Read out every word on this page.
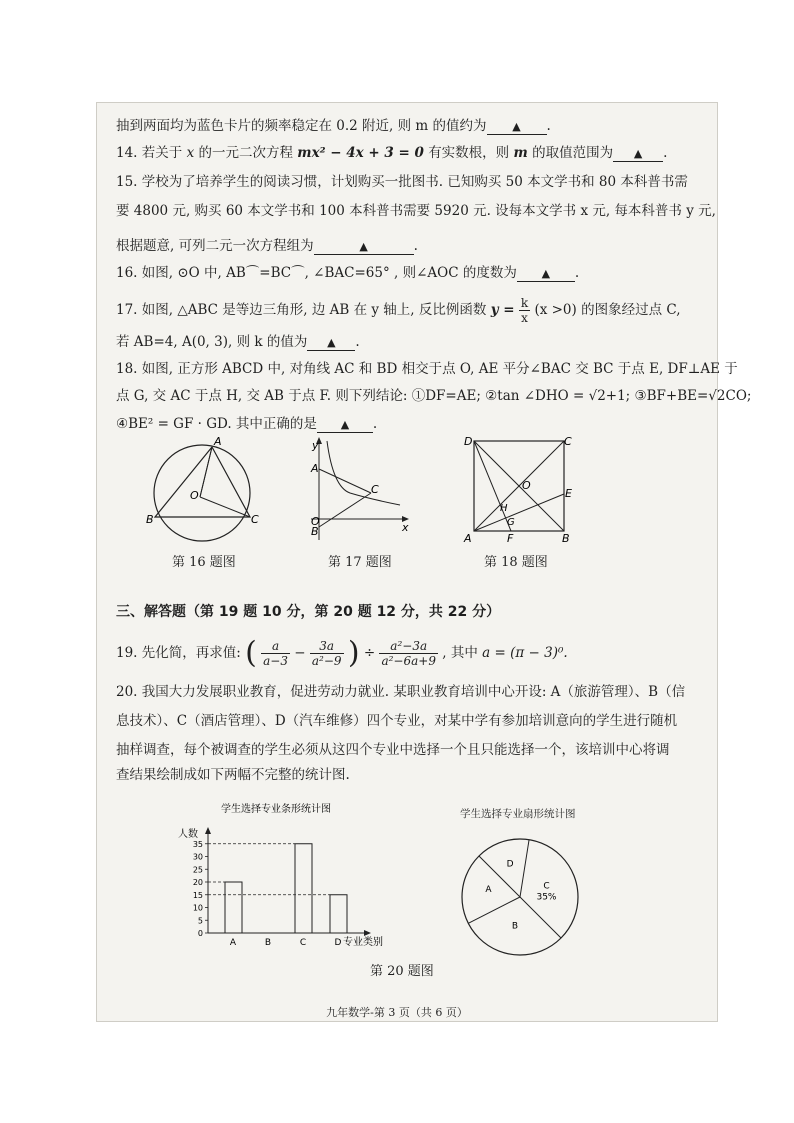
抽到两面均为蓝色卡片的频率稳定在 0.2 附近, 则 m 的值约为 ▲ .
14. 若关于 x 的一元二次方程 mx² − 4x + 3 = 0 有实数根，则 m 的取值范围为 ▲ .
15. 学校为了培养学生的阅读习惯，计划购买一批图书. 已知购买 50 本文学书和 80 本科普书需
要 4800 元, 购买 60 本文学书和 100 本科普书需要 5920 元. 设每本文学书 x 元, 每本科普书 y 元,
根据题意, 可列二元一次方程组为	▲	.
16. 如图, ⊙O 中, AB⌒=BC⌒, ∠BAC=65° , 则∠AOC 的度数为 ▲ .
17. 如图, △ABC 是等边三角形, 边 AB 在 y 轴上, 反比例函数 $y = \frac{k}{x} (x >0)$ 的图象经过点 C,
若 AB=4, A(0, 3), 则 k 的值为 ▲ .
18. 如图, 正方形 ABCD 中, 对角线 AC 和 BD 相交于点 O, AE 平分∠BAC 交 BC 于点 E, DF⊥AE 于
点 G, 交 AC 于点 H, 交 AB 于点 F. 则下列结论: ①DF=AE; ②tan ∠DHO = √2+1; ③BF+BE=√2CO;
④BE² = GF · GD. 其中正确的是 ▲ .
A
B	C
O
第 16 题图
y
x
A
B
C
O
第 17 题图
D	C
A	B
E
F
G
H
O
第 18 题图
三、解答题（第 19 题 10 分，第 20 题 12 分，共 22 分）
19. 先化简，再求值: ( $\frac{a}{a-3} - \frac{3a}{\text{a²−9}}$ ) ÷ $\frac{\text{a²−3a}}{\text{a²−6a+9}}$ , 其中 a = (π − 3)⁰.
20. 我国大力发展职业教育，促进劳动力就业. 某职业教育培训中心开设: A（旅游管理）、B（信
息技术）、C（酒店管理）、D（汽车维修）四个专业，对某中学有参加培训意向的学生进行随机
抽样调查，每个被调查的学生必须从这四个专业中选择一个且只能选择一个，该培训中心将调
查结果绘制成如下两幅不完整的统计图.
学生选择专业条形统计图
人数
专业类别
0
5
10
15
20
25
30
35
A	B	C	D
学生选择专业扇形统计图
C
35%
B
A
D
第 20 题图
九年数学-第 3 页（共 6 页）
